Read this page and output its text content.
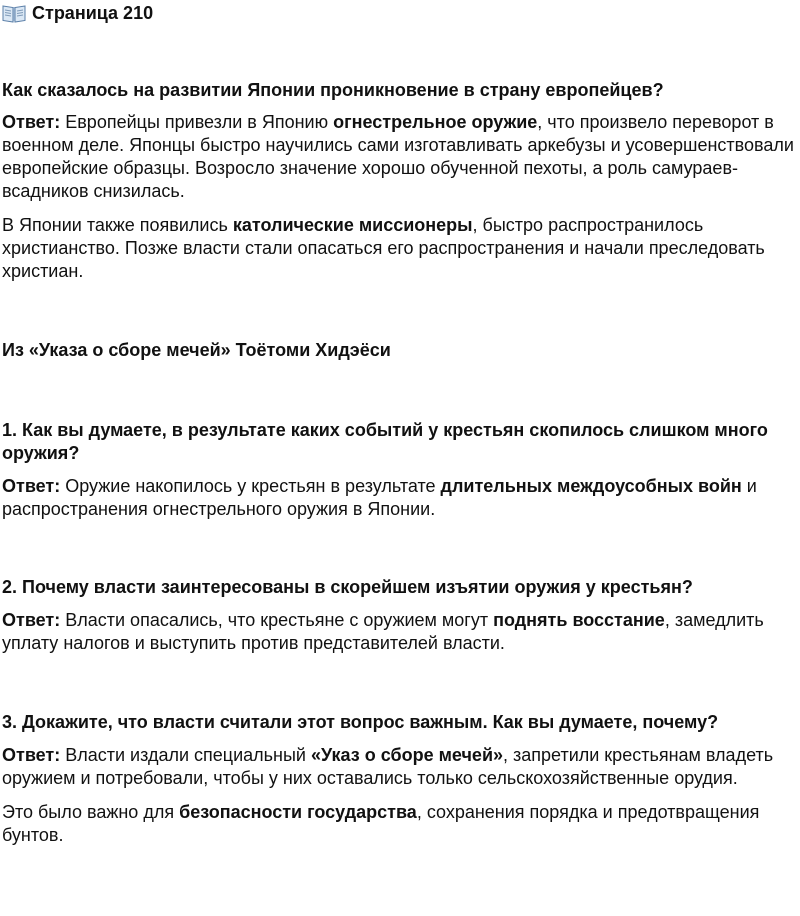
Страница 210

Как сказалось на развитии Японии проникновение в страну европейцев?

Ответ: Европейцы привезли в Японию огнестрельное оружие, что произвело переворот в военном деле. Японцы быстро научились сами изготавливать аркебузы и усовершенствовали европейские образцы. Возросло значение хорошо обученной пехоты, а роль самураев-всадников снизилась.

В Японии также появились католические миссионеры, быстро распространилось христианство. Позже власти стали опасаться его распространения и начали преследовать христиан.

Из «Указа о сборе мечей» Тоётоми Хидэёси

1. Как вы думаете, в результате каких событий у крестьян скопилось слишком много оружия?

Ответ: Оружие накопилось у крестьян в результате длительных междоусобных войн и распространения огнестрельного оружия в Японии.

2. Почему власти заинтересованы в скорейшем изъятии оружия у крестьян?

Ответ: Власти опасались, что крестьяне с оружием могут поднять восстание, замедлить уплату налогов и выступить против представителей власти.

3. Докажите, что власти считали этот вопрос важным. Как вы думаете, почему?

Ответ: Власти издали специальный «Указ о сборе мечей», запретили крестьянам владеть оружием и потребовали, чтобы у них оставались только сельскохозяйственные орудия.

Это было важно для безопасности государства, сохранения порядка и предотвращения бунтов.
